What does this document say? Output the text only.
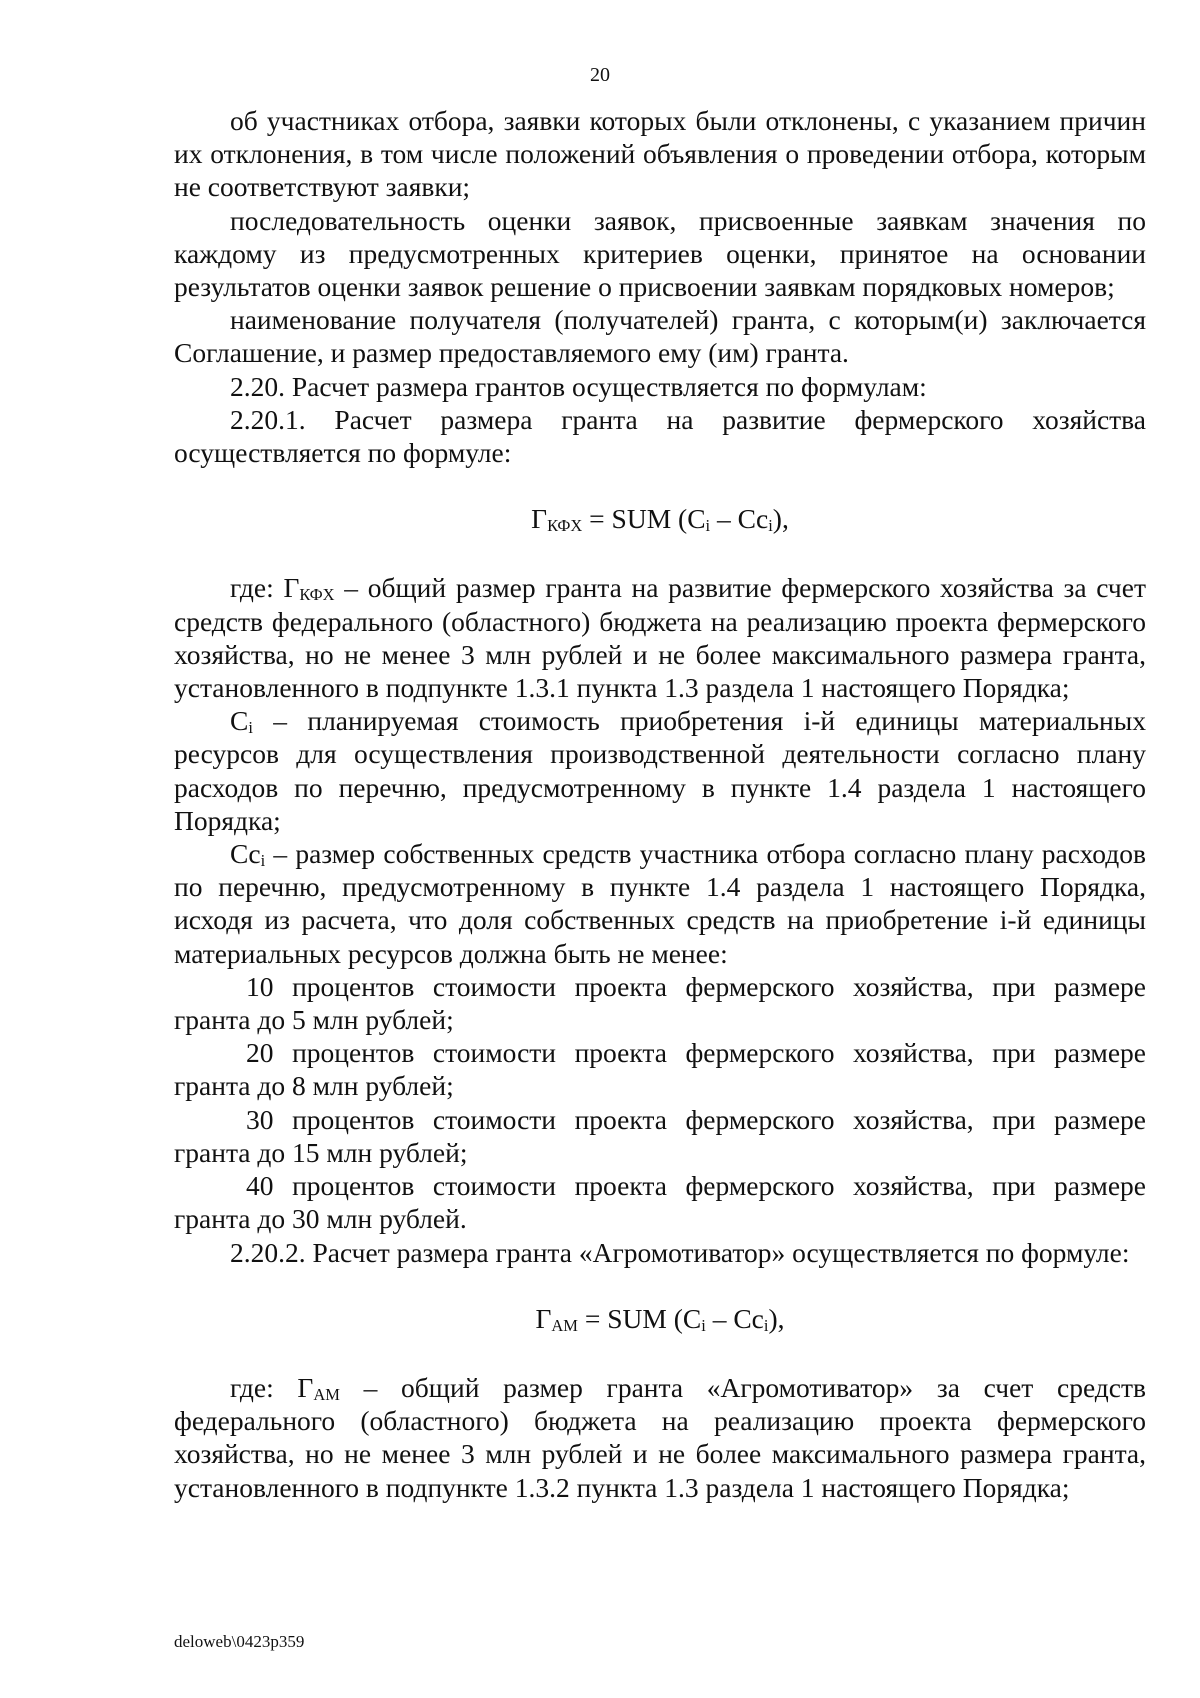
20

об участниках отбора, заявки которых были отклонены, с указанием причин их отклонения, в том числе положений объявления о проведении отбора, которым не соответствуют заявки;

последовательность оценки заявок, присвоенные заявкам значения по каждому из предусмотренных критериев оценки, принятое на основании результатов оценки заявок решение о присвоении заявкам порядковых номеров;

наименование получателя (получателей) гранта, с которым(и) заключается Соглашение, и размер предоставляемого ему (им) гранта.

2.20. Расчет размера грантов осуществляется по формулам:

2.20.1. Расчет размера гранта на развитие фермерского хозяйства осуществляется по формуле:

$Г_{КФХ}$ = SUM $(C_i - Cc_i)$,

где: $Г_{КФХ}$ – общий размер гранта на развитие фермерского хозяйства за счет средств федерального (областного) бюджета на реализацию проекта фермерского хозяйства, но не менее 3 млн рублей и не более максимального размера гранта, установленного в подпункте 1.3.1 пункта 1.3 раздела 1 настоящего Порядка;

$C_i$ – планируемая стоимость приобретения i-й единицы материальных ресурсов для осуществления производственной деятельности согласно плану расходов по перечню, предусмотренному в пункте 1.4 раздела 1 настоящего Порядка;

$Cc_i$ – размер собственных средств участника отбора согласно плану расходов по перечню, предусмотренному в пункте 1.4 раздела 1 настоящего Порядка, исходя из расчета, что доля собственных средств на приобретение i-й единицы материальных ресурсов должна быть не менее:

10 процентов стоимости проекта фермерского хозяйства, при размере гранта до 5 млн рублей;

20 процентов стоимости проекта фермерского хозяйства, при размере гранта до 8 млн рублей;

30 процентов стоимости проекта фермерского хозяйства, при размере гранта до 15 млн рублей;

40 процентов стоимости проекта фермерского хозяйства, при размере гранта до 30 млн рублей.

2.20.2. Расчет размера гранта «Агромотиватор» осуществляется по формуле:

$Г_{АМ}$ = SUM $(C_i - Cc_i)$,

где: $Г_{АМ}$ – общий размер гранта «Агромотиватор» за счет средств федерального (областного) бюджета на реализацию проекта фермерского хозяйства, но не менее 3 млн рублей и не более максимального размера гранта, установленного в подпункте 1.3.2 пункта 1.3 раздела 1 настоящего Порядка;

deloweb\0423p359
